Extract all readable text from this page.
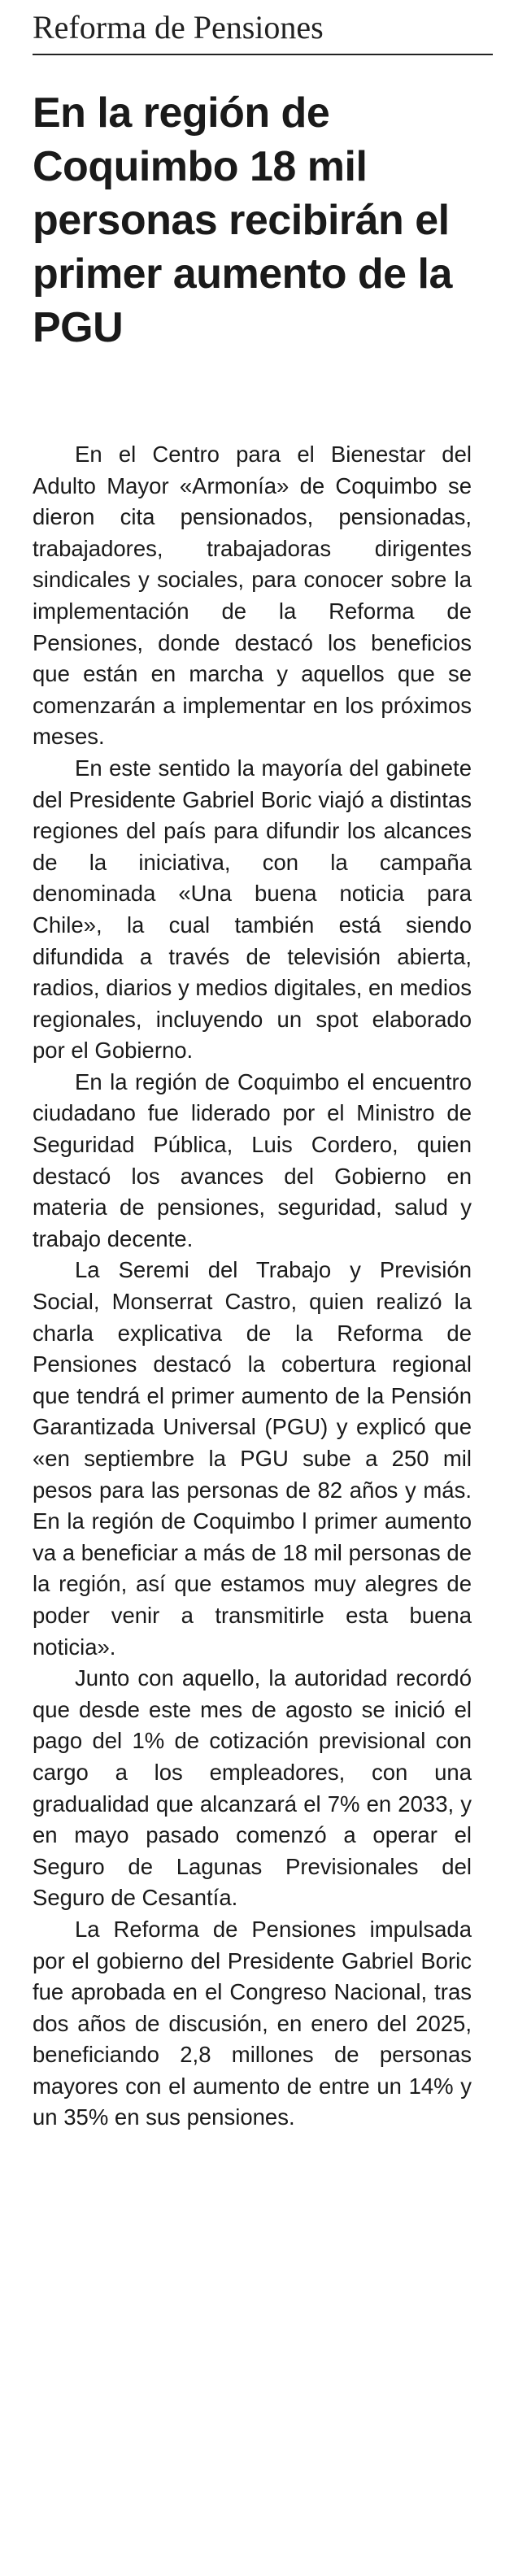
Reforma de Pensiones
En la región de Coquimbo 18 mil personas recibirán el primer aumento de la PGU

En el Centro para el Bienestar del Adulto Mayor «Armonía» de Coquimbo se dieron cita pensionados, pensionadas, trabajadores, trabajadoras dirigentes sindicales y sociales, para conocer sobre la implementación de la Reforma de Pensiones, donde destacó los beneficios que están en marcha y aquellos que se comenzarán a implementar en los próximos meses.

En este sentido la mayoría del gabinete del Presidente Gabriel Boric viajó a distintas regiones del país para difundir los alcances de la iniciativa, con la campaña denominada «Una buena noticia para Chile», la cual también está siendo difundida a través de televisión abierta, radios, diarios y medios digitales, en medios regionales, incluyendo un spot elaborado por el Gobierno.

En la región de Coquimbo el encuentro ciudadano fue liderado por el Ministro de Seguridad Pública, Luis Cordero, quien destacó los avances del Gobierno en materia de pensiones, seguridad, salud y trabajo decente.

La Seremi del Trabajo y Previsión Social, Monserrat Castro, quien realizó la charla explicativa de la Reforma de Pensiones destacó la cobertura regional que tendrá el primer aumento de la Pensión Garantizada Universal (PGU) y explicó que «en septiembre la PGU sube a 250 mil pesos para las personas de 82 años y más. En la región de Coquimbo l primer aumento va a beneficiar a más de 18 mil personas de la región, así que estamos muy alegres de poder venir a transmitirle esta buena noticia».

Junto con aquello, la autoridad recordó que desde este mes de agosto se inició el pago del 1% de cotización previsional con cargo a los empleadores, con una gradualidad que alcanzará el 7% en 2033, y en mayo pasado comenzó a operar el Seguro de Lagunas Previsionales del Seguro de Cesantía.

La Reforma de Pensiones impulsada por el gobierno del Presidente Gabriel Boric fue aprobada en el Congreso Nacional, tras dos años de discusión, en enero del 2025, beneficiando 2,8 millones de personas mayores con el aumento de entre un 14% y un 35% en sus pensiones.
